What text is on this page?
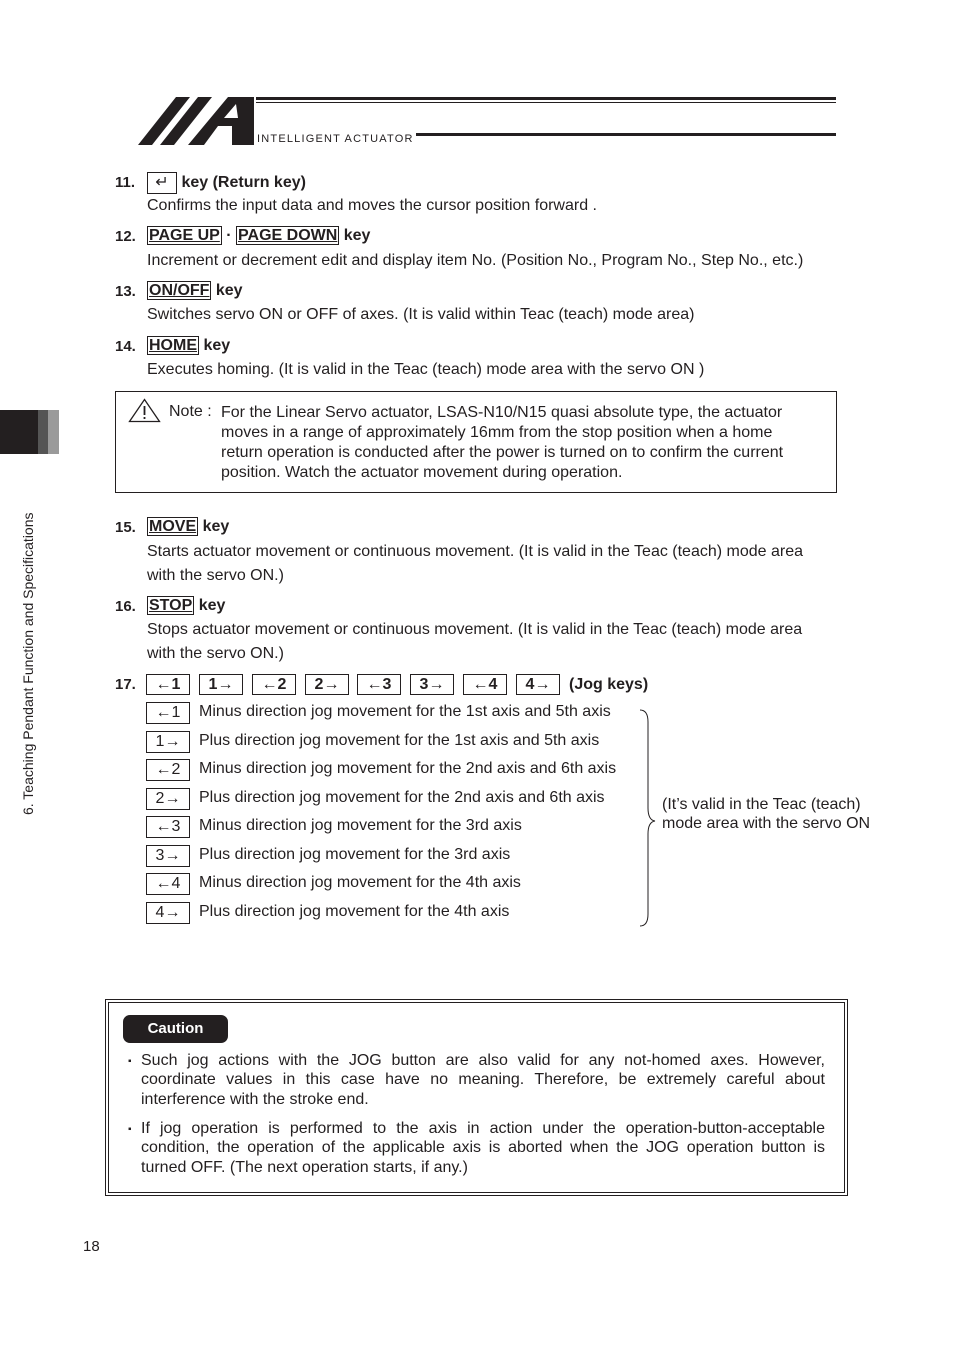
INTELLIGENT ACTUATOR
6. Teaching Pendant Function and Specifications
11.	↵ key (Return key)
Confirms the input data and moves the cursor position forward .
12. PAGE UP · PAGE DOWN key
Increment or decrement edit and display item No. (Position No., Program No., Step No., etc.)
13. ON/OFF key
Switches servo ON or OFF of axes. (It is valid within Teac (teach) mode area)
14. HOME key
Executes homing. (It is valid in the Teac (teach) mode area with the servo ON )
Note : For the Linear Servo actuator, LSAS-N10/N15 quasi absolute type, the actuator
moves in a range of approximately 16mm from the stop position when a home
return operation is conducted after the power is turned on to confirm the current
position. Watch the actuator movement during operation.
15. MOVE key
Starts actuator movement or continuous movement. (It is valid in the Teac (teach) mode area
with the servo ON.)
16. STOP key
Stops actuator movement or continuous movement. (It is valid in the Teac (teach) mode area
with the servo ON.)
17.	←1	1→	←2	2→	←3	3→	←4	4→	(Jog keys)
←1	Minus direction jog movement for the 1st axis and 5th axis
1→	Plus direction jog movement for the 1st axis and 5th axis
←2	Minus direction jog movement for the 2nd axis and 6th axis
2→	Plus direction jog movement for the 2nd axis and 6th axis
←3	Minus direction jog movement for the 3rd axis
3→	Plus direction jog movement for the 3rd axis
←4	Minus direction jog movement for the 4th axis
4→	Plus direction jog movement for the 4th axis
(It’s valid in the Teac (teach) mode area with the servo ON
Caution
▪ Such jog actions with the JOG button are also valid for any not-homed axes. However, coordinate values in this case have no meaning. Therefore, be extremely careful about interference with the stroke end.
▪ If jog operation is performed to the axis in action under the operation-button-acceptable condition, the operation of the applicable axis is aborted when the JOG operation button is turned OFF. (The next operation starts, if any.)
18
